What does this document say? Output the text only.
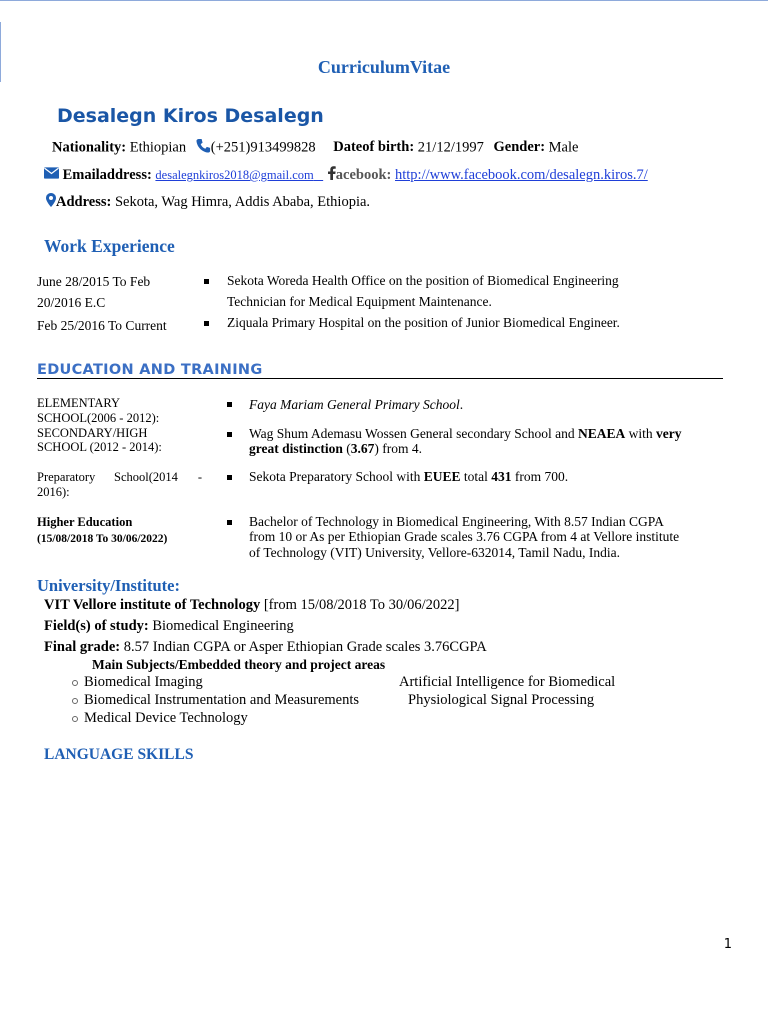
CurriculumVitae
Desalegn Kiros Desalegn
Nationality: Ethiopian (+251)913499828 Dateof birth: 21/12/1997 Gender: Male
Emailaddress: desalegnkiros2018@gmail.com acebook: http://www.facebook.com/desalegn.kiros.7/
Address: Sekota, Wag Himra, Addis Ababa, Ethiopia.
Work Experience
June 28/2015 To Feb
20/2016 E.C
Sekota Woreda Health Office on the position of Biomedical Engineering
Technician for Medical Equipment Maintenance.
Feb 25/2016 To Current	Ziquala Primary Hospital on the position of Junior Biomedical Engineer.
EDUCATION AND TRAINING
ELEMENTARY
SCHOOL(2006 - 2012):
Faya Mariam General Primary School.
SECONDARY/HIGH
SCHOOL (2012 - 2014):
Wag Shum Ademasu Wossen General secondary School and NEAEA with very
great distinction (3.67) from 4.
Preparatory School(2014 -
2016):
Sekota Preparatory School with EUEE total 431 from 700.
Higher Education
(15/08/2018 To 30/06/2022)
Bachelor of Technology in Biomedical Engineering, With 8.57 Indian CGPA
from 10 or As per Ethiopian Grade scales 3.76 CGPA from 4 at Vellore institute
of Technology (VIT) University, Vellore-632014, Tamil Nadu, India.
University/Institute:
VIT Vellore institute of Technology [from 15/08/2018 To 30/06/2022]
Field(s) of study: Biomedical Engineering
Final grade: 8.57 Indian CGPA or Asper Ethiopian Grade scales 3.76CGPA
Main Subjects/Embedded theory and project areas
Biomedical Imaging
Biomedical Instrumentation and Measurements
Medical Device Technology
Artificial Intelligence for Biomedical
Physiological Signal Processing
LANGUAGE SKILLS
1
